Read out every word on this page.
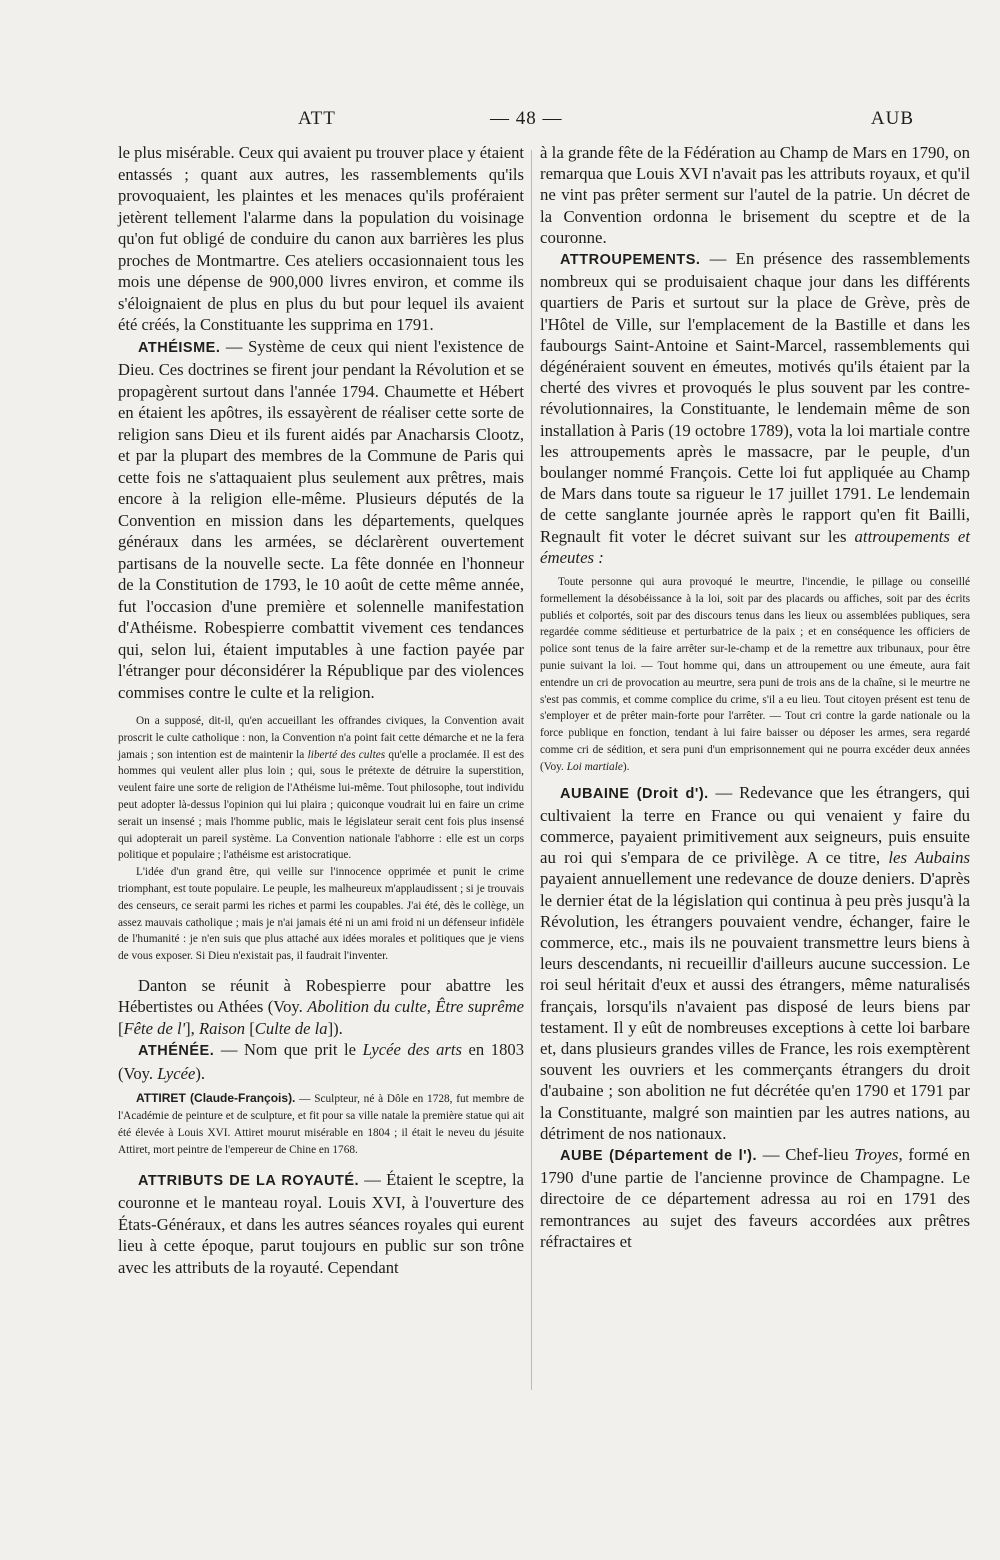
ATT	— 48 —	AUB

le plus misérable. Ceux qui avaient pu trouver place y étaient entassés ; quant aux autres, les rassemblements qu'ils provoquaient, les plaintes et les menaces qu'ils proféraient jetèrent tellement l'alarme dans la population du voisinage qu'on fut obligé de conduire du canon aux barrières les plus proches de Montmartre. Ces ateliers occasionnaient tous les mois une dépense de 900,000 livres environ, et comme ils s'éloignaient de plus en plus du but pour lequel ils avaient été créés, la Constituante les supprima en 1791.

ATHÉISME. — Système de ceux qui nient l'existence de Dieu. Ces doctrines se firent jour pendant la Révolution et se propagèrent surtout dans l'année 1794. Chaumette et Hébert en étaient les apôtres, ils essayèrent de réaliser cette sorte de religion sans Dieu et ils furent aidés par Anacharsis Clootz, et par la plupart des membres de la Commune de Paris qui cette fois ne s'attaquaient plus seulement aux prêtres, mais encore à la religion elle-même. Plusieurs députés de la Convention en mission dans les départements, quelques généraux dans les armées, se déclarèrent ouvertement partisans de la nouvelle secte. La fête donnée en l'honneur de la Constitution de 1793, le 10 août de cette même année, fut l'occasion d'une première et solennelle manifestation d'Athéisme. Robespierre combattit vivement ces tendances qui, selon lui, étaient imputables à une faction payée par l'étranger pour déconsidérer la République par des violences commises contre le culte et la religion.

On a supposé, dit-il, qu'en accueillant les offrandes civiques, la Convention avait proscrit le culte catholique : non, la Convention n'a point fait cette démarche et ne la fera jamais ; son intention est de maintenir la liberté des cultes qu'elle a proclamée. Il est des hommes qui veulent aller plus loin ; qui, sous le prétexte de détruire la superstition, veulent faire une sorte de religion de l'Athéisme lui-même. Tout philosophe, tout individu peut adopter là-dessus l'opinion qui lui plaira ; quiconque voudrait lui en faire un crime serait un insensé ; mais l'homme public, mais le législateur serait cent fois plus insensé qui adopterait un pareil système. La Convention nationale l'abhorre : elle est un corps politique et populaire ; l'athéisme est aristocratique.

L'idée d'un grand être, qui veille sur l'innocence opprimée et punit le crime triomphant, est toute populaire. Le peuple, les malheureux m'applaudissent ; si je trouvais des censeurs, ce serait parmi les riches et parmi les coupables. J'ai été, dès le collège, un assez mauvais catholique ; mais je n'ai jamais été ni un ami froid ni un défenseur infidèle de l'humanité : je n'en suis que plus attaché aux idées morales et politiques que je viens de vous exposer. Si Dieu n'existait pas, il faudrait l'inventer.

Danton se réunit à Robespierre pour abattre les Hébertistes ou Athées (Voy. Abolition du culte, Être suprême [Fête de l'], Raison [Culte de la]).

ATHÉNÉE. — Nom que prit le Lycée des arts en 1803 (Voy. Lycée).

ATTIRET (Claude-François). — Sculpteur, né à Dôle en 1728, fut membre de l'Académie de peinture et de sculpture, et fit pour sa ville natale la première statue qui ait été élevée à Louis XVI. Attiret mourut misérable en 1804 ; il était le neveu du jésuite Attiret, mort peintre de l'empereur de Chine en 1768.

ATTRIBUTS DE LA ROYAUTÉ. — Étaient le sceptre, la couronne et le manteau royal. Louis XVI, à l'ouverture des États-Généraux, et dans les autres séances royales qui eurent lieu à cette époque, parut toujours en public sur son trône avec les attributs de la royauté. Cependant

à la grande fête de la Fédération au Champ de Mars en 1790, on remarqua que Louis XVI n'avait pas les attributs royaux, et qu'il ne vint pas prêter serment sur l'autel de la patrie. Un décret de la Convention ordonna le brisement du sceptre et de la couronne.

ATTROUPEMENTS. — En présence des rassemblements nombreux qui se produisaient chaque jour dans les différents quartiers de Paris et surtout sur la place de Grève, près de l'Hôtel de Ville, sur l'emplacement de la Bastille et dans les faubourgs Saint-Antoine et Saint-Marcel, rassemblements qui dégénéraient souvent en émeutes, motivés qu'ils étaient par la cherté des vivres et provoqués le plus souvent par les contre-révolutionnaires, la Constituante, le lendemain même de son installation à Paris (19 octobre 1789), vota la loi martiale contre les attroupements après le massacre, par le peuple, d'un boulanger nommé François. Cette loi fut appliquée au Champ de Mars dans toute sa rigueur le 17 juillet 1791. Le lendemain de cette sanglante journée après le rapport qu'en fit Bailli, Regnault fit voter le décret suivant sur les attroupements et émeutes :

Toute personne qui aura provoqué le meurtre, l'incendie, le pillage ou conseillé formellement la désobéissance à la loi, soit par des placards ou affiches, soit par des écrits publiés et colportés, soit par des discours tenus dans les lieux ou assemblées publiques, sera regardée comme séditieuse et perturbatrice de la paix ; et en conséquence les officiers de police sont tenus de la faire arrêter sur-le-champ et de la remettre aux tribunaux, pour être punie suivant la loi. — Tout homme qui, dans un attroupement ou une émeute, aura fait entendre un cri de provocation au meurtre, sera puni de trois ans de la chaîne, si le meurtre ne s'est pas commis, et comme complice du crime, s'il a eu lieu. Tout citoyen présent est tenu de s'employer et de prêter main-forte pour l'arrêter. — Tout cri contre la garde nationale ou la force publique en fonction, tendant à lui faire baisser ou déposer les armes, sera regardé comme cri de sédition, et sera puni d'un emprisonnement qui ne pourra excéder deux années (Voy. Loi martiale).

AUBAINE (Droit d'). — Redevance que les étrangers, qui cultivaient la terre en France ou qui venaient y faire du commerce, payaient primitivement aux seigneurs, puis ensuite au roi qui s'empara de ce privilège. A ce titre, les Aubains payaient annuellement une redevance de douze deniers. D'après le dernier état de la législation qui continua à peu près jusqu'à la Révolution, les étrangers pouvaient vendre, échanger, faire le commerce, etc., mais ils ne pouvaient transmettre leurs biens à leurs descendants, ni recueillir d'ailleurs aucune succession. Le roi seul héritait d'eux et aussi des étrangers, même naturalisés français, lorsqu'ils n'avaient pas disposé de leurs biens par testament. Il y eût de nombreuses exceptions à cette loi barbare et, dans plusieurs grandes villes de France, les rois exemptèrent souvent les ouvriers et les commerçants étrangers du droit d'aubaine ; son abolition ne fut décrétée qu'en 1790 et 1791 par la Constituante, malgré son maintien par les autres nations, au détriment de nos nationaux.

AUBE (Département de l'). — Chef-lieu Troyes, formé en 1790 d'une partie de l'ancienne province de Champagne. Le directoire de ce département adressa au roi en 1791 des remontrances au sujet des faveurs accordées aux prêtres réfractaires et
